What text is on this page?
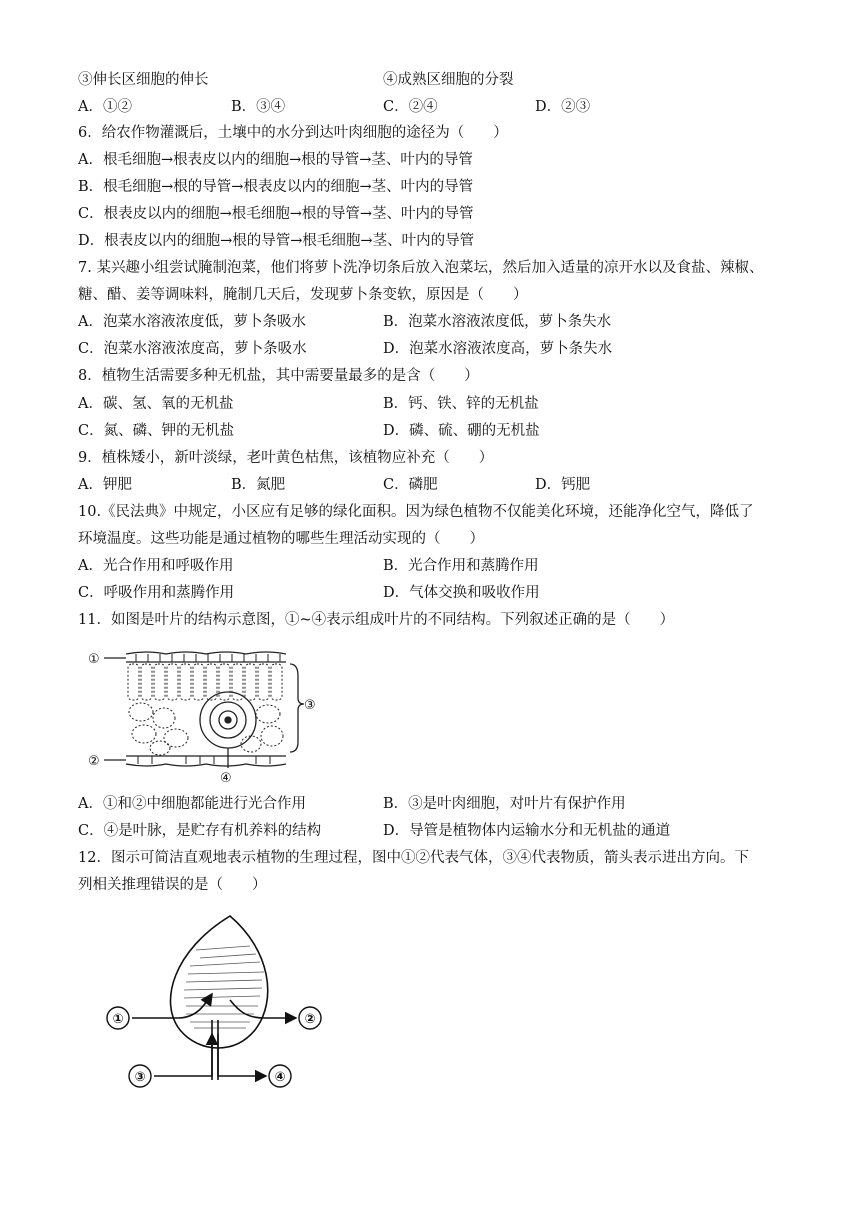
③伸长区细胞的伸长	④成熟区细胞的分裂
A．①②	B．③④	C．②④	D．②③
6．给农作物灌溉后，土壤中的水分到达叶肉细胞的途径为（　　）
A．根毛细胞→根表皮以内的细胞→根的导管→茎、叶内的导管
B．根毛细胞→根的导管→根表皮以内的细胞→茎、叶内的导管
C．根表皮以内的细胞→根毛细胞→根的导管→茎、叶内的导管
D．根表皮以内的细胞→根的导管→根毛细胞→茎、叶内的导管
7. 某兴趣小组尝试腌制泡菜，他们将萝卜洗净切条后放入泡菜坛，然后加入适量的凉开水以及食盐、辣椒、
糖、醋、姜等调味料，腌制几天后，发现萝卜条变软，原因是（　　）
A．泡菜水溶液浓度低，萝卜条吸水	B．泡菜水溶液浓度低，萝卜条失水
C．泡菜水溶液浓度高，萝卜条吸水	D．泡菜水溶液浓度高，萝卜条失水
8．植物生活需要多种无机盐，其中需要量最多的是含（　　）
A．碳、氢、氧的无机盐	B．钙、铁、锌的无机盐
C．氮、磷、钾的无机盐	D．磷、硫、硼的无机盐
9．植株矮小，新叶淡绿，老叶黄色枯焦，该植物应补充（　　）
A．钾肥	B．氮肥	C．磷肥	D．钙肥
10.《民法典》中规定，小区应有足够的绿化面积。因为绿色植物不仅能美化环境，还能净化空气，降低了
环境温度。这些功能是通过植物的哪些生理活动实现的（　　）
A．光合作用和呼吸作用	B．光合作用和蒸腾作用
C．呼吸作用和蒸腾作用	D．气体交换和吸收作用
11．如图是叶片的结构示意图，①~④表示组成叶片的不同结构。下列叙述正确的是（　　）
①
②
③
④
A．①和②中细胞都能进行光合作用	B．③是叶肉细胞，对叶片有保护作用
C．④是叶脉，是贮存有机养料的结构	D．导管是植物体内运输水分和无机盐的通道
12．图示可简洁直观地表示植物的生理过程，图中①②代表气体，③④代表物质，箭头表示进出方向。下
列相关推理错误的是（　　）
①	②
③	④
